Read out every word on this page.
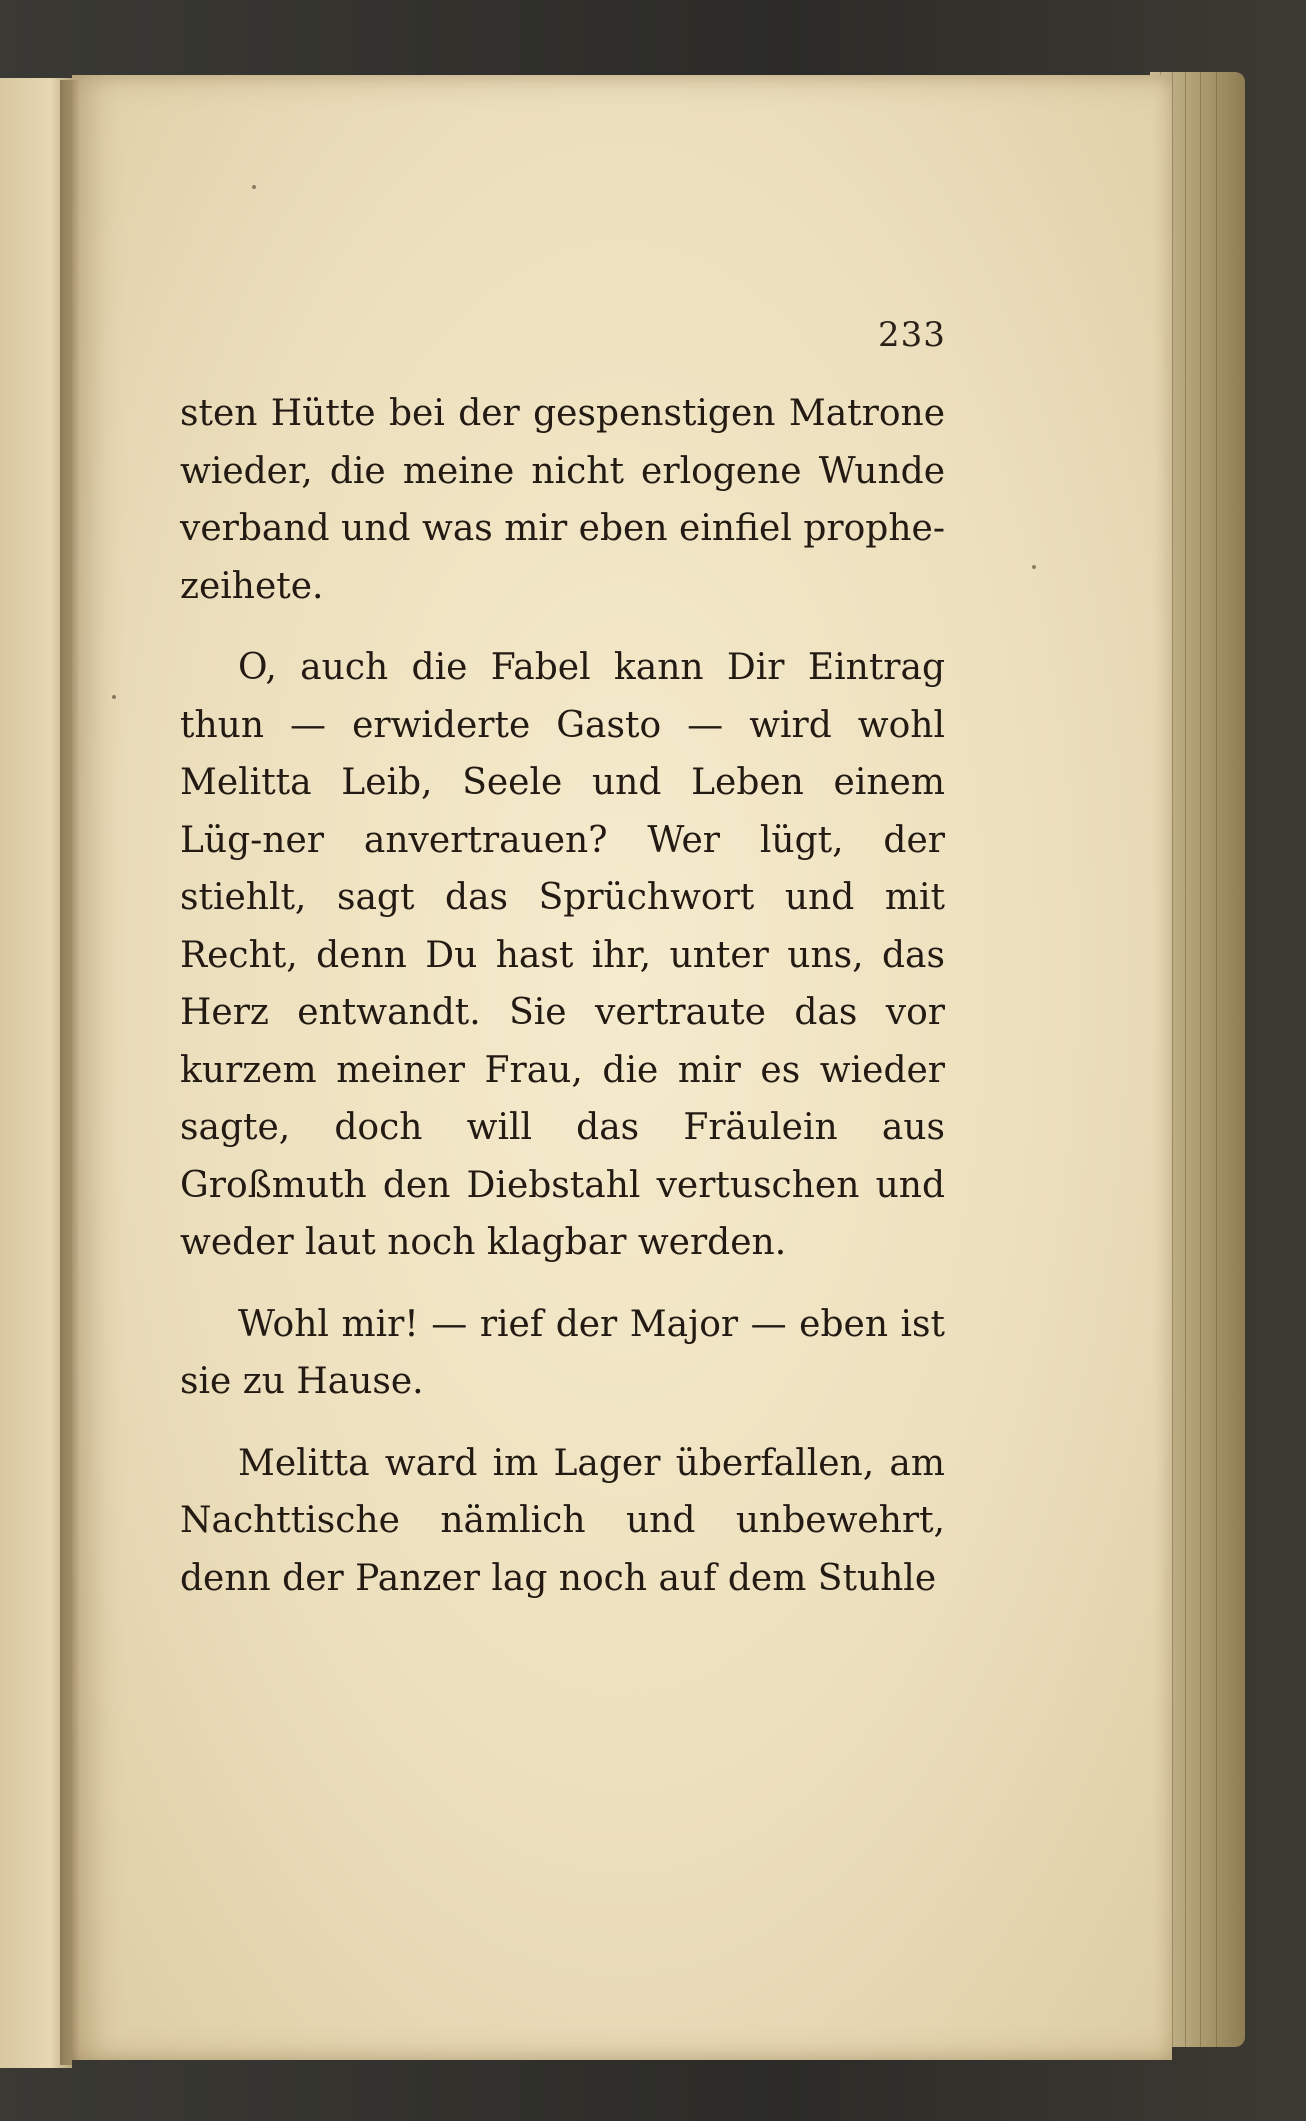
233

sten Hütte bei der gespenstigen Matrone wieder, die meine nicht erlogene Wunde verband und was mir eben einfiel prophe-zeihete.

O, auch die Fabel kann Dir Eintrag thun — erwiderte Gasto — wird wohl Melitta Leib, Seele und Leben einem Lüg-ner anvertrauen? Wer lügt, der stiehlt, sagt das Sprüchwort und mit Recht, denn Du hast ihr, unter uns, das Herz entwandt. Sie vertraute das vor kurzem meiner Frau, die mir es wieder sagte, doch will das Fräulein aus Großmuth den Diebstahl vertuschen und weder laut noch klagbar werden.

Wohl mir! — rief der Major — eben ist sie zu Hause.

Melitta ward im Lager überfallen, am Nachttische nämlich und unbewehrt, denn der Panzer lag noch auf dem Stuhle
